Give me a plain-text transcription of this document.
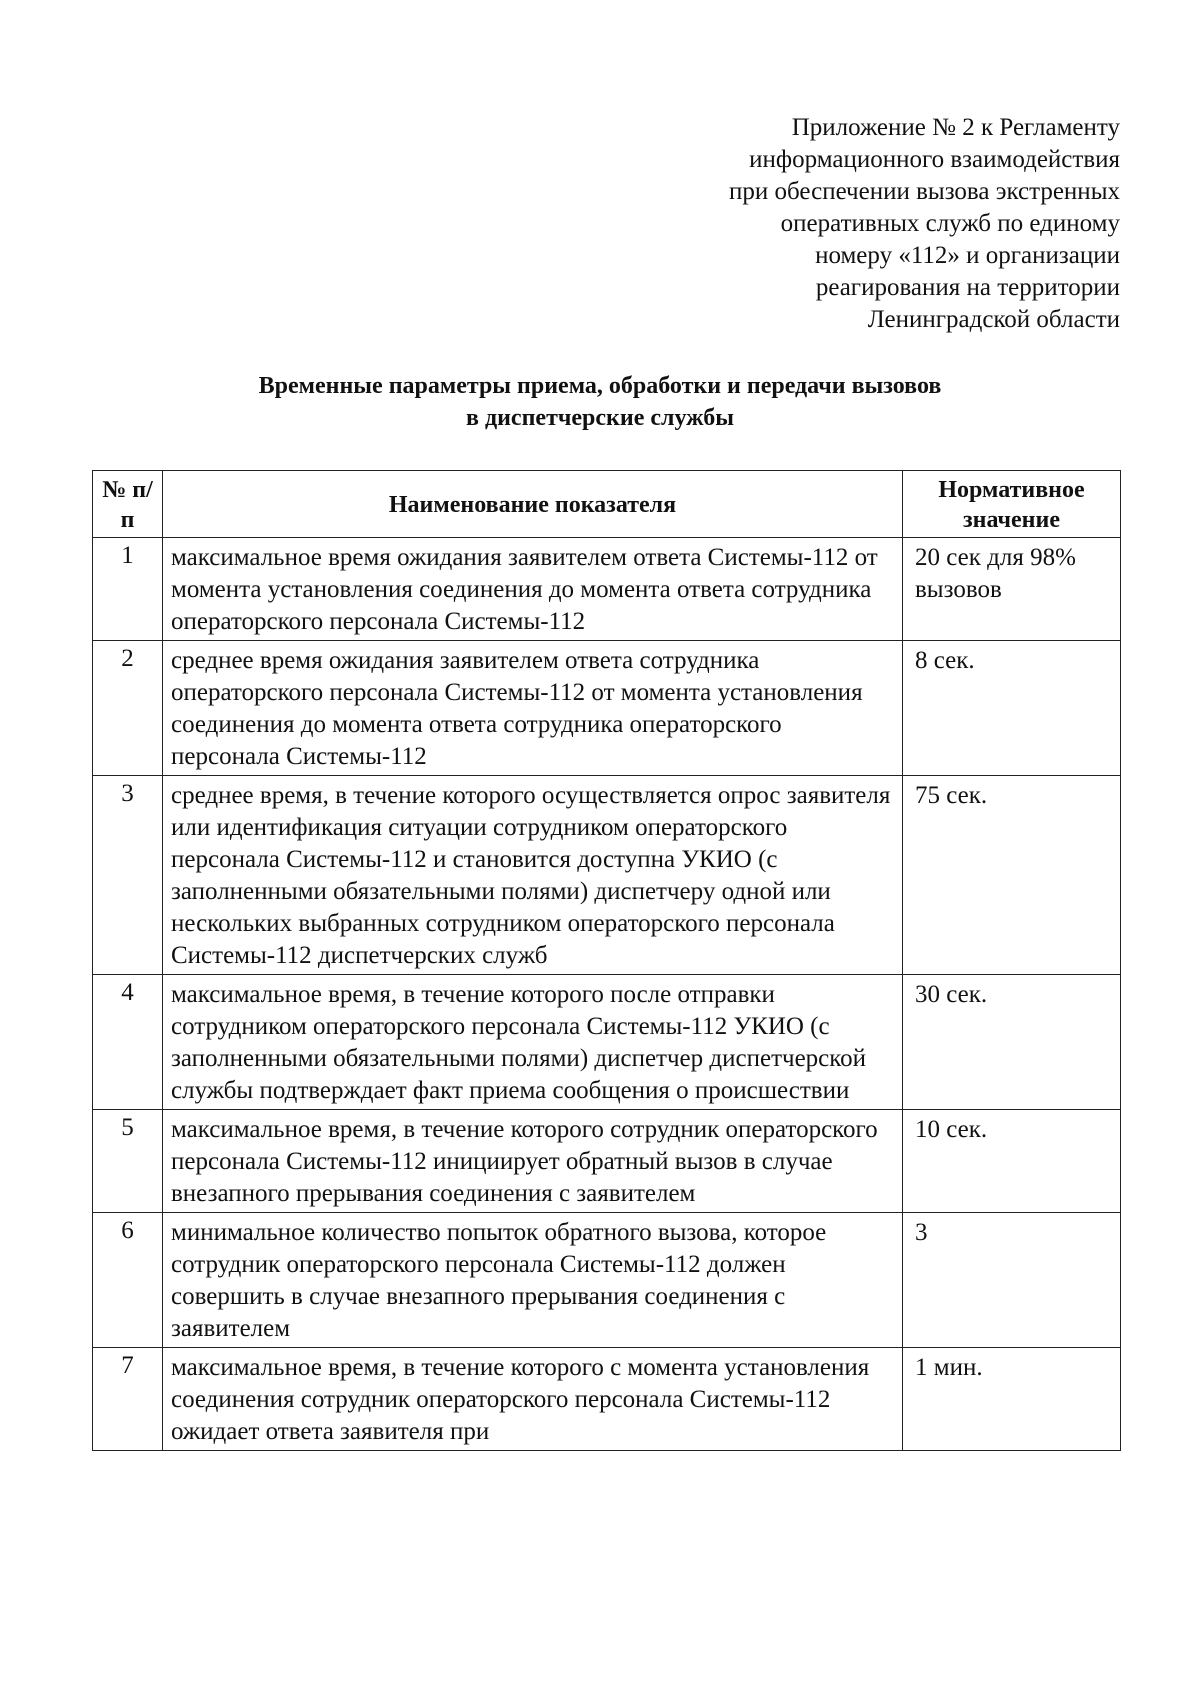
Приложение № 2 к Регламенту
информационного взаимодействия
при обеспечении вызова экстренных
оперативных служб по единому
номеру «112» и организации
реагирования на территории
Ленинградской области
Временные параметры приема, обработки и передачи вызовов
в диспетчерские службы
№ п/п	Наименование показателя	Нормативное значение
1	максимальное время ожидания заявителем ответа Системы-112 от момента установления соединения до момента ответа сотрудника операторского персонала Системы-112	20 сек для 98% вызовов
2	среднее время ожидания заявителем ответа сотрудника операторского персонала Системы-112 от момента установления соединения до момента ответа сотрудника операторского персонала Системы-112	8 сек.
3	среднее время, в течение которого осуществляется опрос заявителя или идентификация ситуации сотрудником операторского персонала Системы-112 и становится доступна УКИО (с заполненными обязательными полями) диспетчеру одной или нескольких выбранных сотрудником операторского персонала Системы-112 диспетчерских служб	75 сек.
4	максимальное время, в течение которого после отправки сотрудником операторского персонала Системы-112 УКИО (с заполненными обязательными полями) диспетчер диспетчерской службы подтверждает факт приема сообщения о происшествии	30 сек.
5	максимальное время, в течение которого сотрудник операторского персонала Системы-112 инициирует обратный вызов в случае внезапного прерывания соединения с заявителем	10 сек.
6	минимальное количество попыток обратного вызова, которое сотрудник операторского персонала Системы-112 должен совершить в случае внезапного прерывания соединения с заявителем	3
7	максимальное время, в течение которого с момента установления соединения сотрудник операторского персонала Системы-112 ожидает ответа заявителя при	1 мин.
